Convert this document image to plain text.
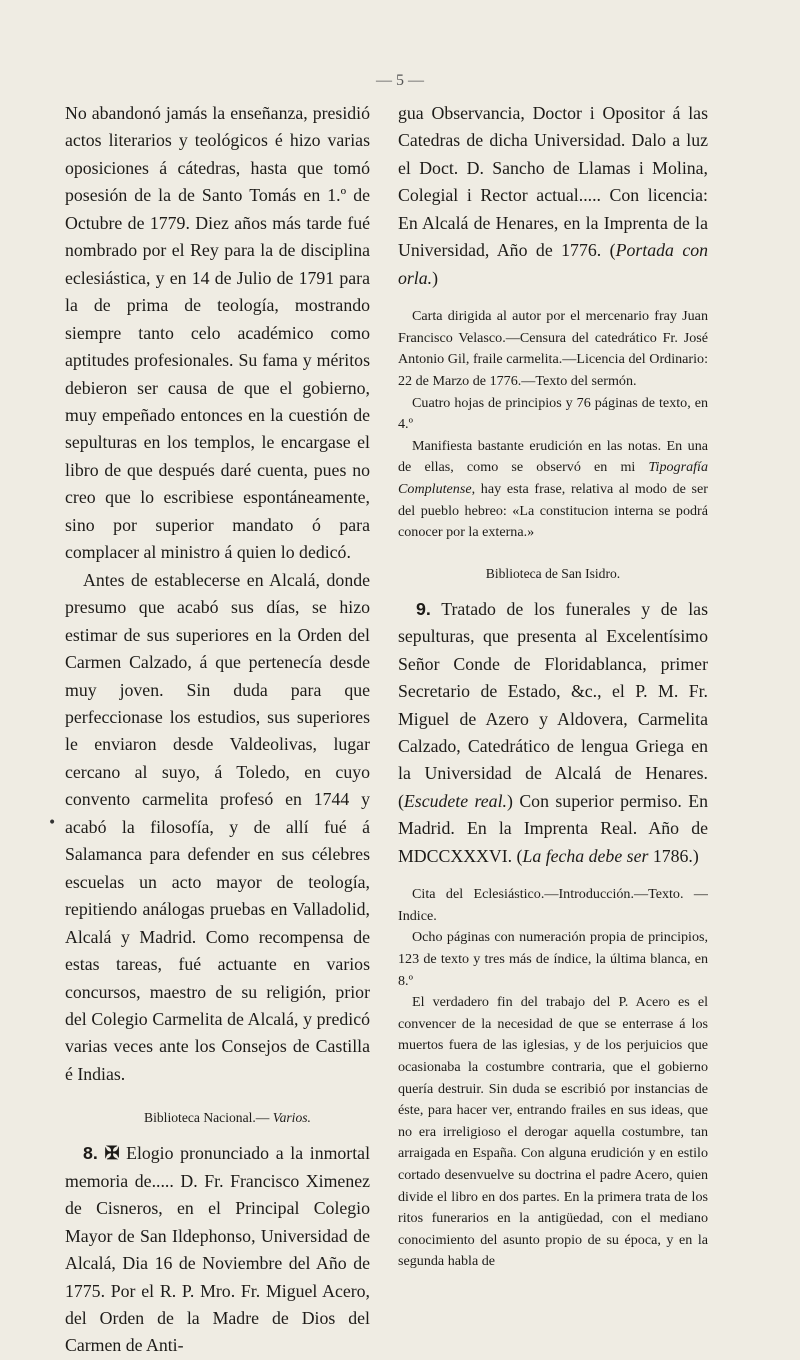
— 5 —
•

No abandonó jamás la enseñanza, presidió actos literarios y teológicos é hizo varias oposiciones á cátedras, hasta que tomó posesión de la de Santo Tomás en 1.º de Octubre de 1779. Diez años más tarde fué nombrado por el Rey para la de disciplina eclesiástica, y en 14 de Julio de 1791 para la de prima de teología, mostrando siempre tanto celo académico como aptitudes profesionales. Su fama y méritos debieron ser causa de que el gobierno, muy empeñado entonces en la cuestión de sepulturas en los templos, le encargase el libro de que después daré cuenta, pues no creo que lo escribiese espontáneamente, sino por superior mandato ó para complacer al ministro á quien lo dedicó.

Antes de establecerse en Alcalá, donde presumo que acabó sus días, se hizo estimar de sus superiores en la Orden del Carmen Calzado, á que pertenecía desde muy joven. Sin duda para que perfeccionase los estudios, sus superiores le enviaron desde Valdeolivas, lugar cercano al suyo, á Toledo, en cuyo convento carmelita profesó en 1744 y acabó la filosofía, y de allí fué á Salamanca para defender en sus célebres escuelas un acto mayor de teología, repitiendo análogas pruebas en Valladolid, Alcalá y Madrid. Como recompensa de estas tareas, fué actuante en varios concursos, maestro de su religión, prior del Colegio Carmelita de Alcalá, y predicó varias veces ante los Consejos de Castilla é Indias.

Biblioteca Nacional.— Varios.

8. ✠ Elogio pronunciado a la inmortal memoria de..... D. Fr. Francisco Ximenez de Cisneros, en el Principal Colegio Mayor de San Ildephonso, Universidad de Alcalá, Dia 16 de Noviembre del Año de 1775. Por el R. P. Mro. Fr. Miguel Acero, del Orden de la Madre de Dios del Carmen de Anti-

gua Observancia, Doctor i Opositor á las Catedras de dicha Universidad. Dalo a luz el Doct. D. Sancho de Llamas i Molina, Colegial i Rector actual..... Con licencia: En Alcalá de Henares, en la Imprenta de la Universidad, Año de 1776. (Portada con orla.)

Carta dirigida al autor por el mercenario fray Juan Francisco Velasco.—Censura del catedrático Fr. José Antonio Gil, fraile carmelita.—Licencia del Ordinario: 22 de Marzo de 1776.—Texto del sermón.

Cuatro hojas de principios y 76 páginas de texto, en 4.º

Manifiesta bastante erudición en las notas. En una de ellas, como se observó en mi Tipografía Complutense, hay esta frase, relativa al modo de ser del pueblo hebreo: «La constitucion interna se podrá conocer por la externa.»

Biblioteca de San Isidro.

9. Tratado de los funerales y de las sepulturas, que presenta al Excelentísimo Señor Conde de Floridablanca, primer Secretario de Estado, &c., el P. M. Fr. Miguel de Azero y Aldovera, Carmelita Calzado, Catedrático de lengua Griega en la Universidad de Alcalá de Henares. (Escudete real.) Con superior permiso. En Madrid. En la Imprenta Real. Año de MDCCXXXVI. (La fecha debe ser 1786.)

Cita del Eclesiástico.—Introducción.—Texto. —Indice.

Ocho páginas con numeración propia de principios, 123 de texto y tres más de índice, la última blanca, en 8.º

El verdadero fin del trabajo del P. Acero es el convencer de la necesidad de que se enterrase á los muertos fuera de las iglesias, y de los perjuicios que ocasionaba la costumbre contraria, que el gobierno quería destruir. Sin duda se escribió por instancias de éste, para hacer ver, entrando frailes en sus ideas, que no era irreligioso el derogar aquella costumbre, tan arraigada en España. Con alguna erudición y en estilo cortado desenvuelve su doctrina el padre Acero, quien divide el libro en dos partes. En la primera trata de los ritos funerarios en la antigüedad, con el mediano conocimiento del asunto propio de su época, y en la segunda habla de
